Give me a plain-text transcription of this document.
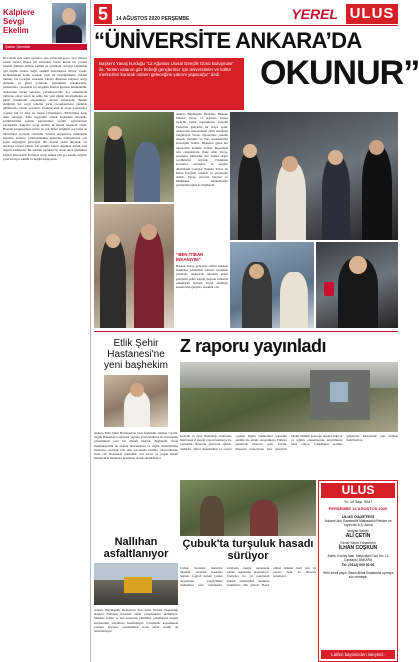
Kalplere
Sevgi
Ekelim
Şahin Şentürk
Her sabah aynı saatte uyanırız, aynı yollardan geçer, aynı yüzlere selam veririz. Bazen bir tebessüm, bazen küçük bir yardım insanın günüyle birlikte kalbini de aydınlatır. Sevgiyi büyütmek için büyük sözlere değil, samimi davranışlara ihtiyaç vardır. Komşumuzun halini sormak, yaşlı bir büyüğümüzün elinden tutmak, bir çocuğun sorusunu sabırla dinlemek kalplere sevgi ekmenin en güzel yollarıdır. Şehrimizin sokaklarında, parklarında, çarşısında bu sevginin izlerini görmek mümkündür. Ankara'nın insanı vefalıdır, yardımseverdir. Zor zamanlarda birbirine omuz veren bu şehir, her yeni günde dayanışmanın en güzel örneklerini sergilemeye devam etmektedir. Bugün ektiğimiz her sevgi tohumu yarın çocuklarımızın yüzünde gülümseme olarak açacaktır. Unutmayalım ki sevgi paylaştıkça çoğalır; kin ve öfke ise insanı yalnızlaştırır. Birbirimize karşı daha anlayışlı, daha hoşgörülü olmak hepimizin elindedir. Gönüllerimizi açalım, kapılarımızı açalım, sofralarımızı paylaşalım. Kalplere sevgi ekelim ki hasadı bereketli olsun. Hayatın koşuşturması içinde en çok ihmal ettiğimiz şey belki de birbirimize ayıracak zamandır. Telefon ekranlarına bakmaktan başımızı kaldırıp yanımızdakinin gözlerine baktığımızda çok şeyin değiştiğini göreceğiz. Bir dostun sesini duymak, bir akrabayı ziyaret etmek, bir yetimin başını okşamak küçük ama değerli adımlardır. Bu adımlar toplumu bir arada tutan görünmez bağları güçlendirir. Kalplere sevgi ekmek için geç kalmış değiliz; yeter ki niyet edelim ve bugün başlayalım.
5	14 AĞUSTOS 2020 PERŞEMBE	YEREL ULUS
“ÜNİVERSİTE ANKARA’DA
OKUNUR”
Başkent Yavaş kurduğu “12 Ağustos Ulusal Gençlik Günü Buluşması” ile, “Bütün vatanın göz bebeği gençlerimiz için üniversiteler ve kültür merkezleri kurarak onların geleceğine yatırım yapacağız” dedi.
Ankara Büyükşehir Belediye Başkanı Mansur Yavaş, 12 Ağustos Ulusal Gençlik Günü kapsamında Gençlik Parkı'nda gençlerle bir araya geldi. Ankara'nın üniversiteler şehri olduğunu vurgulayan Yavaş, öğrencilere yönelik ulaşım, barınma ve burs desteklerinin süreceğini belirtti. Başkent'e gelen her öğrencinin kendini evinde hissetmesi için çalıştıklarını ifade eden Yavaş, gençlerin fikirlerine her zaman değer verdiklerini söyledi. Etkinlikte konserler, söyleşiler ve sergiler düzenlendi. Gençler Başkan Yavaş ile hatıra fotoğrafı çektirdi ve projelerini anlattı. Yavaş, ücretsiz internet ve kütüphane hizmetlerinin genişletileceğini de müjdeledi.
“BEN İTİBAR İNSANIYIM”
Başkan Yavaş, gençlerle sohbet ederken kendisine yöneltilen soruları içtenlikle yanıtladı. Ankara'da öğrenim gören gençlerin şehre kattığı değerin farkında olduklarını belirten Yavaş, etkinliğe katılan tüm gençlere teşekkür etti.
Etlik Şehir
Hastanesi'ne
yeni başhekim
Ankara Etlik Şehir Hastanesi'ne yeni başhekim ataması yapıldı. Sağlık Bakanlığı tarafından yapılan görevlendirme ile hastanenin yönetiminde yeni bir dönem başladı. Başhekim, hasta memnuniyetini ön planda tutacaklarını ve sağlık hizmetlerinin kalitesini artırmak için tüm personelle birlikte çalışacaklarını ifade etti. Hastanede poliklinik, acil servis ve yoğun bakım ünitelerinde hizmetler kesintisiz olarak sürdürülüyor.
Z raporu yayınladı
Gençlik ve Spor Bakanlığı tarafından hazırlanan Z kuşağı raporu kamuoyu ile paylaşıldı. Raporda gençlerin eğitim, istihdam, dijital alışkanlıklar ve sosyal yaşama ilişkin beklentileri kapsamlı şekilde ele alındı. Araştırmaya Türkiye genelinde binlerce genç katıldı. Raporun sonuçlarına göre gençlerin büyük bölümü geleceğe umutla bakıyor ve eğitim olanaklarının artırılmasını talep ediyor. Çalışmanın politika geliştirme süreçlerine ışık tutması hedefleniyor.
ULUS
Yıl: 14 Sayı: 5047
PERŞEMBE 14 AĞUSTOS 2020
ULUS GAZETESİ
Ankara Ulus Gazetecilik Matbaacılık Reklam ve Yayıncılık A.Ş. Adına
İmtiyaz Sahibi
ALİ ÇETİN
Genel Yayın Yönetmeni
İLHAN COŞKUN
Adres: Kızılay Mah. Meşrutiyet Cad. No: 12 Çankaya / ANKARA
Tel: (0312) 000 00 00
Yerel süreli yayın. Basın Ahlak Esaslarına uymaya söz vermiştir.
Lütfen bayiinizden isteyiniz.
Nallıhan
asfaltlanıyor
Ankara Büyükşehir Belediyesi Fen İşleri Dairesi Başkanlığı ekipleri Nallıhan ilçesinde asfalt çalışmalarını sürdürüyor. Mahalle yolları ve ana arterlerde yürütülen çalışmalarla ulaşım konforunun artırılması hedefleniyor. Çalışmalar kapsamında yolların altyapısı yenilenirken sıcak asfalt serimi de tamamlanıyor.
Çubuk'ta turşuluk hasadı sürüyor
Çubuk ilçesinde üreticiler turşuluk salatalık hasadına başladı. Coğrafi işaretli Çubuk turşusunun vazgeçilmez malzemesi olan salatalıklar, tarlalarda özenle toplanarak işleme tesislerine ulaştırılıyor. Üreticiler bu yıl rekoltenin yüksek olmasından memnun olduklarını dile getirdi. Hasat edilen ürünler hem yurt içi pazara hem de ihracata sunuluyor.
